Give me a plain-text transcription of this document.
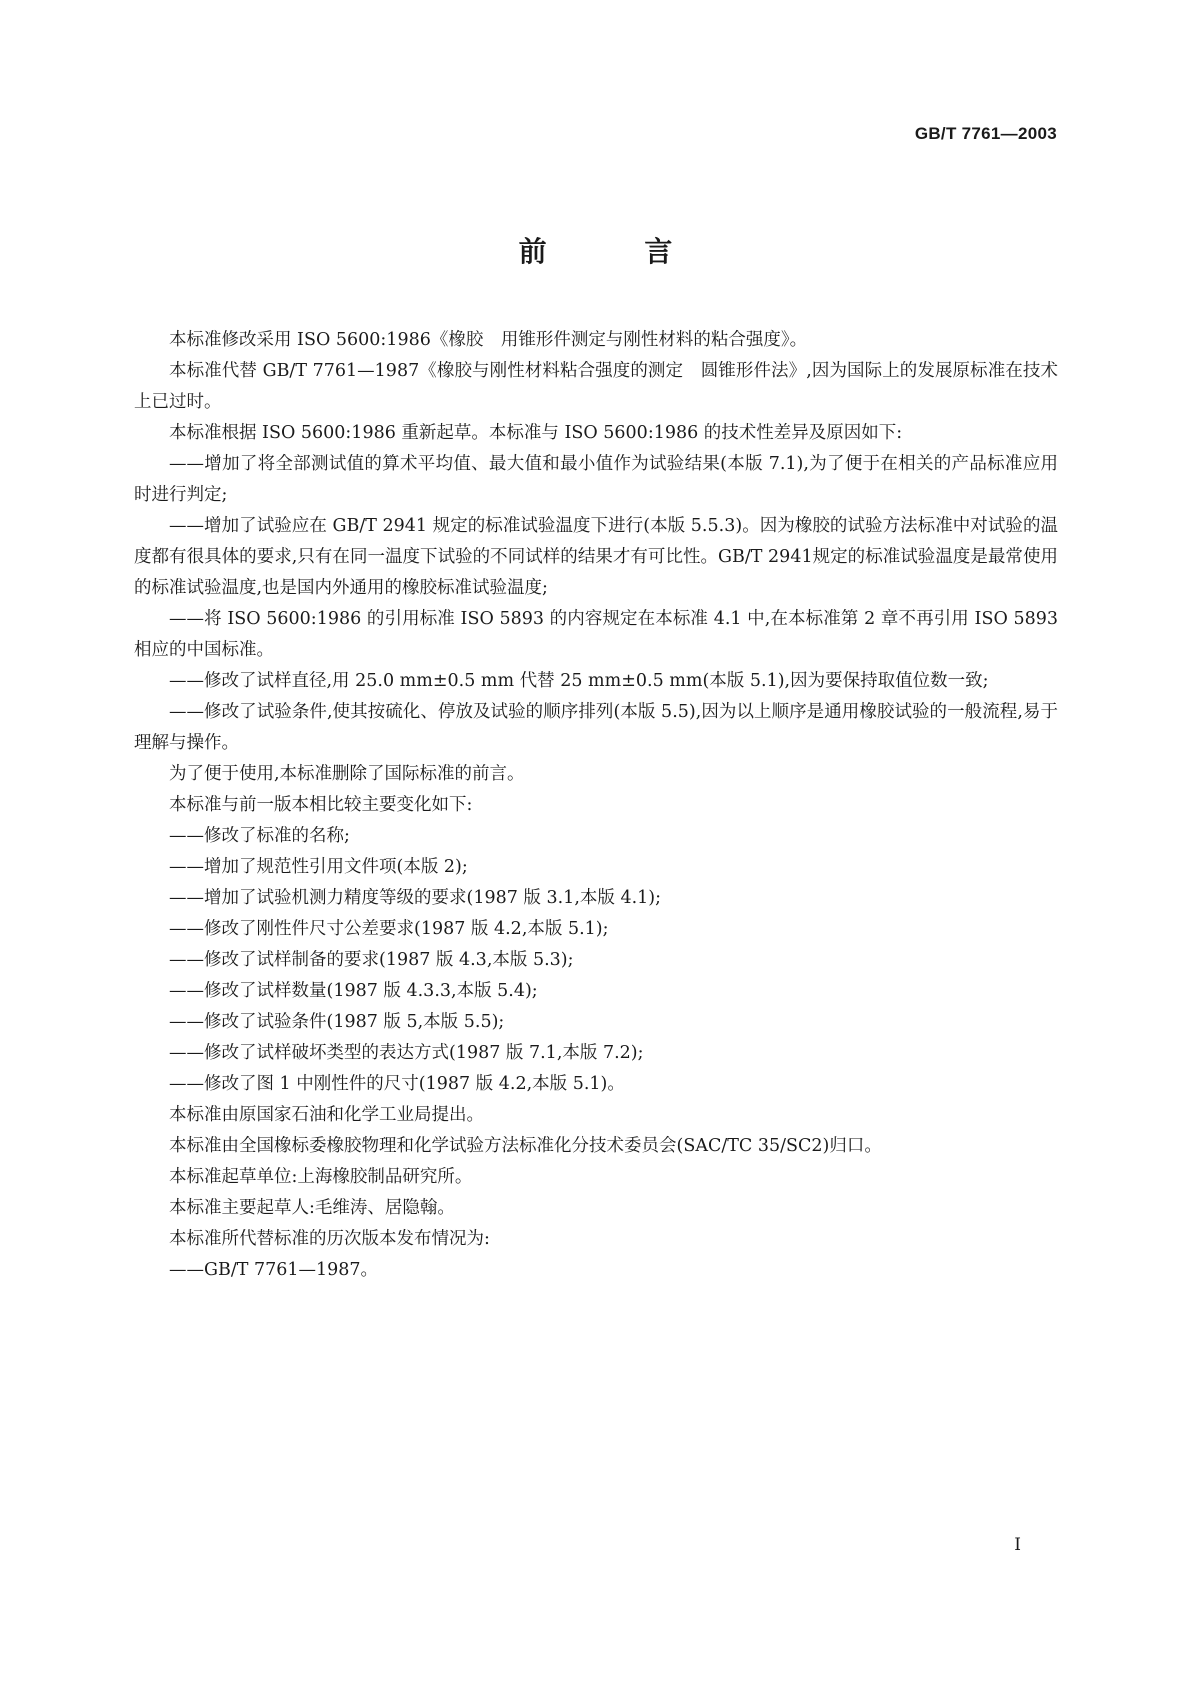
GB/T 7761—2003
前 言

本标准修改采用 ISO 5600:1986《橡胶　用锥形件测定与刚性材料的粘合强度》。

本标准代替 GB/T 7761—1987《橡胶与刚性材料粘合强度的测定　圆锥形件法》,因为国际上的发展原标准在技术上已过时。

本标准根据 ISO 5600:1986 重新起草。本标准与 ISO 5600:1986 的技术性差异及原因如下:

——增加了将全部测试值的算术平均值、最大值和最小值作为试验结果(本版 7.1),为了便于在相关的产品标准应用时进行判定;

——增加了试验应在 GB/T 2941 规定的标准试验温度下进行(本版 5.5.3)。因为橡胶的试验方法标准中对试验的温度都有很具体的要求,只有在同一温度下试验的不同试样的结果才有可比性。GB/T 2941规定的标准试验温度是最常使用的标准试验温度,也是国内外通用的橡胶标准试验温度;

——将 ISO 5600:1986 的引用标准 ISO 5893 的内容规定在本标准 4.1 中,在本标准第 2 章不再引用 ISO 5893 相应的中国标准。

——修改了试样直径,用 25.0 mm±0.5 mm 代替 25 mm±0.5 mm(本版 5.1),因为要保持取值位数一致;

——修改了试验条件,使其按硫化、停放及试验的顺序排列(本版 5.5),因为以上顺序是通用橡胶试验的一般流程,易于理解与操作。

为了便于使用,本标准删除了国际标准的前言。

本标准与前一版本相比较主要变化如下:

——修改了标准的名称;

——增加了规范性引用文件项(本版 2);

——增加了试验机测力精度等级的要求(1987 版 3.1,本版 4.1);

——修改了刚性件尺寸公差要求(1987 版 4.2,本版 5.1);

——修改了试样制备的要求(1987 版 4.3,本版 5.3);

——修改了试样数量(1987 版 4.3.3,本版 5.4);

——修改了试验条件(1987 版 5,本版 5.5);

——修改了试样破坏类型的表达方式(1987 版 7.1,本版 7.2);

——修改了图 1 中刚性件的尺寸(1987 版 4.2,本版 5.1)。

本标准由原国家石油和化学工业局提出。

本标准由全国橡标委橡胶物理和化学试验方法标准化分技术委员会(SAC/TC 35/SC2)归口。

本标准起草单位:上海橡胶制品研究所。

本标准主要起草人:毛维涛、居隐翰。

本标准所代替标准的历次版本发布情况为:

——GB/T 7761—1987。

I
